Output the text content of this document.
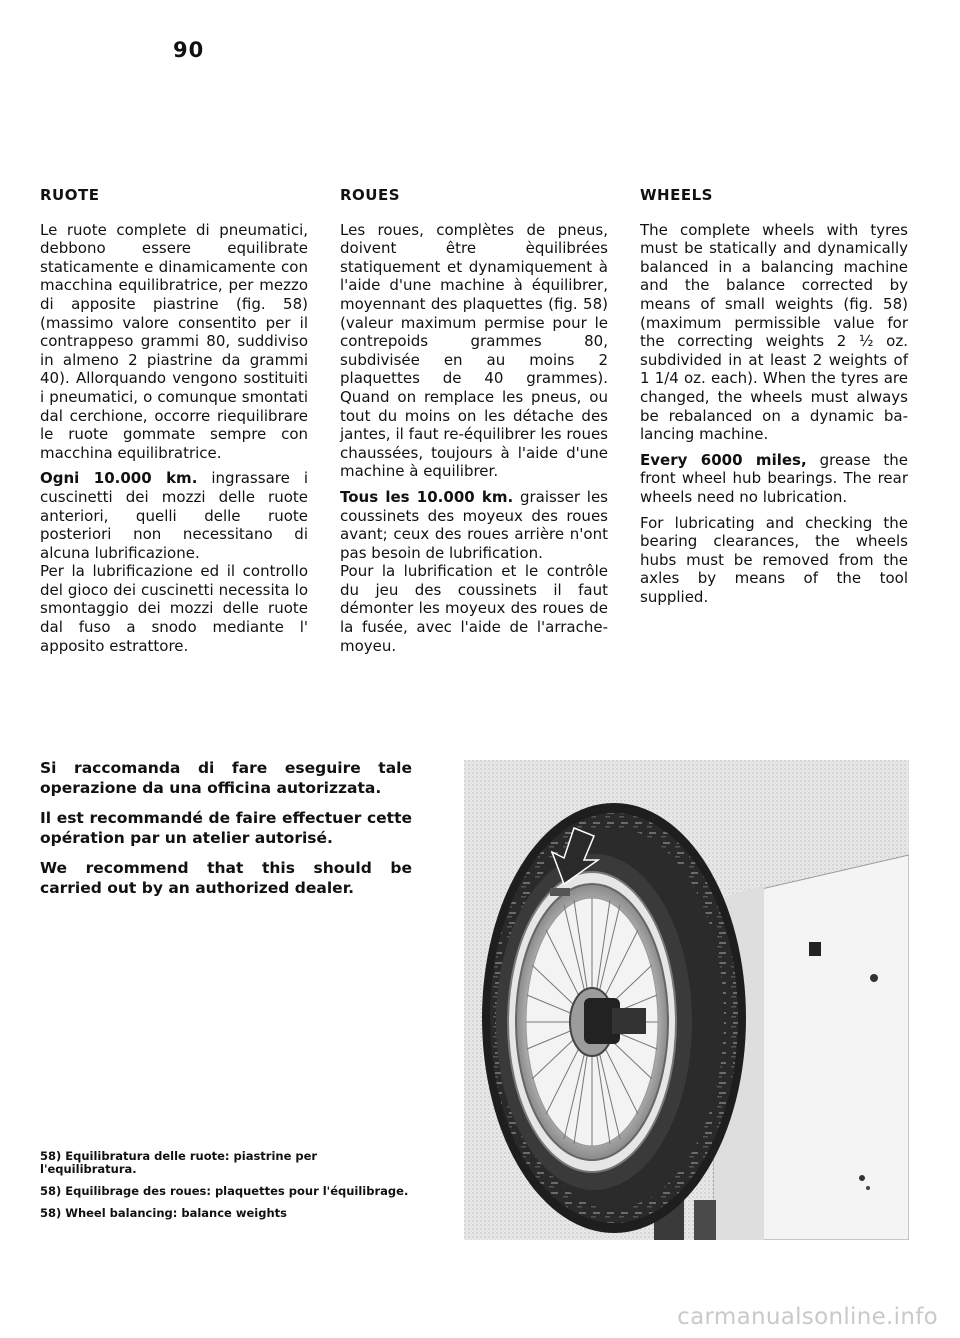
90
RUOTE

Le ruote complete di pneumatici, debbono essere equilibrate staticamente e dinamicamente con macchina equilibratrice, per mezzo di apposite piastrine (fig. 58) (massimo valore consentito per il contrappeso grammi 80, suddiviso in almeno 2 piastrine da grammi 40). Allorquando vengono sostituiti i pneumatici, o comunque smontati dal cerchione, occorre riequilibrare le ruote gommate sempre con macchina equilibratrice.

Ogni 10.000 km. ingrassare i cuscinetti dei mozzi delle ruote anteriori, quelli delle ruote posteriori non necessitano di alcuna lubrificazione.

Per la lubrificazione ed il controllo del gioco dei cuscinetti necessita lo smontaggio dei mozzi delle ruote dal fuso a snodo mediante l' apposito estrattore.

ROUES

Les roues, complètes de pneus, doivent être èquilibrées statiquement et dynamiquement à l'aide d'une machine à équilibrer, moyennant des plaquettes (fig. 58) (valeur maximum permise pour le contrepoids grammes 80, subdivisée en au moins 2 plaquettes de 40 grammes). Quand on remplace les pneus, ou tout du moins on les détache des jantes, il faut re-équilibrer les roues chaussées, toujours à l'aide d'une machine à equilibrer.

Tous les 10.000 km. graisser les coussinets des moyeux des roues avant; ceux des roues arrière n'ont pas besoin de lubrification.

Pour la lubrification et le contrôle du jeu des coussinets il faut démonter les moyeux des roues de la fusée, avec l'aide de l'arrache-moyeu.

WHEELS

The complete wheels with tyres must be statically and dynamically balanced in a balancing machine and the balance corrected by means of small weights (fig. 58) (maximum permissible value for the correcting weights 2 ½ oz. subdivided in at least 2 weights of 1 1/4 oz. each). When the tyres are changed, the wheels must always be rebalanced on a dynamic balancing machine.

Every 6000 miles, grease the front wheel hub bearings. The rear wheels need no lubrication.

For lubricating and checking the bearing clearances, the wheels hubs must be removed from the axles by means of the tool supplied.

Si raccomanda di fare eseguire tale operazione da una officina autorizzata.

Il est recommandé de faire effectuer cette opération par un atelier autorisé.

We recommend that this should be carried out by an authorized dealer.

58) Equilibratura delle ruote: piastrine per l'equilibratura.

58) Equilibrage des roues: plaquettes pour l'équilibrage.

58) Wheel balancing: balance weights

carmanualsonline.info
